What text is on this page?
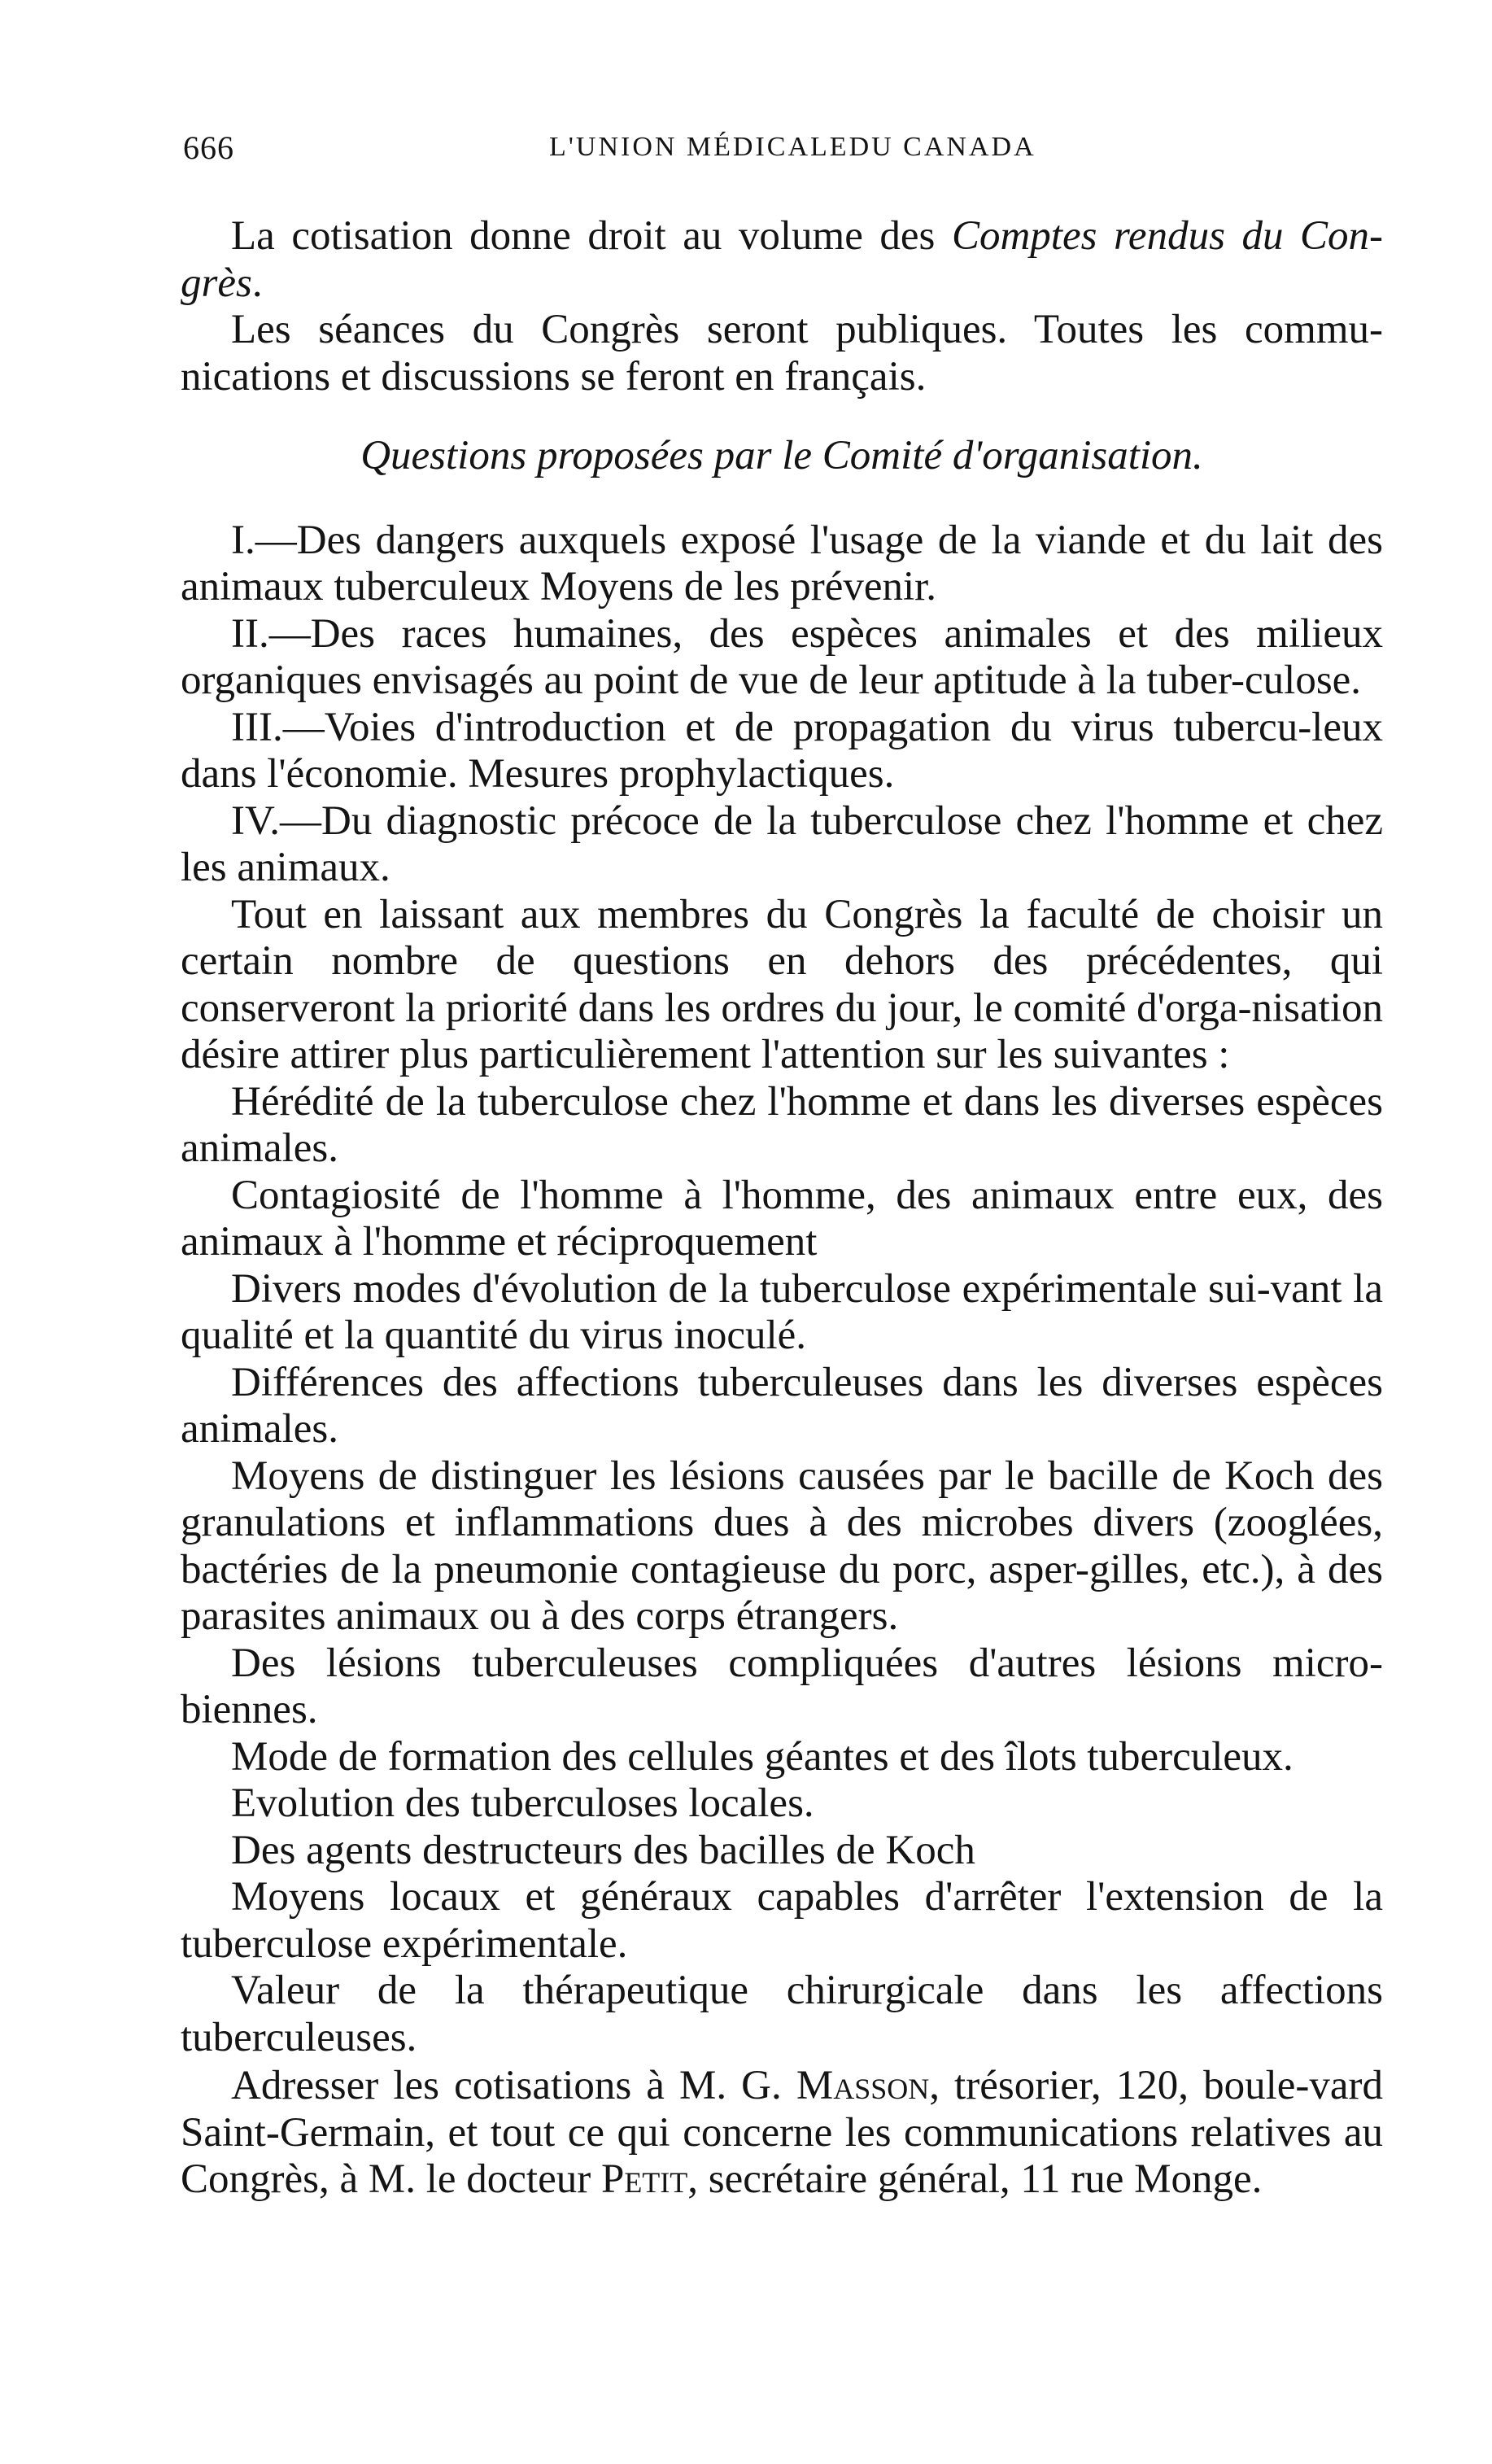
666	L'UNION MÉDICALEDU CANADA

La cotisation donne droit au volume des Comptes rendus du Con-grès.

Les séances du Congrès seront publiques. Toutes les commu-nications et discussions se feront en français.

Questions proposées par le Comité d'organisation.

I.—Des dangers auxquels exposé l'usage de la viande et du lait des animaux tuberculeux Moyens de les prévenir.

II.—Des races humaines, des espèces animales et des milieux organiques envisagés au point de vue de leur aptitude à la tuber-culose.

III.—Voies d'introduction et de propagation du virus tubercu-leux dans l'économie. Mesures prophylactiques.

IV.—Du diagnostic précoce de la tuberculose chez l'homme et chez les animaux.

Tout en laissant aux membres du Congrès la faculté de choisir un certain nombre de questions en dehors des précédentes, qui conserveront la priorité dans les ordres du jour, le comité d'orga-nisation désire attirer plus particulièrement l'attention sur les suivantes :

Hérédité de la tuberculose chez l'homme et dans les diverses espèces animales.

Contagiosité de l'homme à l'homme, des animaux entre eux, des animaux à l'homme et réciproquement

Divers modes d'évolution de la tuberculose expérimentale sui-vant la qualité et la quantité du virus inoculé.

Différences des affections tuberculeuses dans les diverses espèces animales.

Moyens de distinguer les lésions causées par le bacille de Koch des granulations et inflammations dues à des microbes divers (zooglées, bactéries de la pneumonie contagieuse du porc, asper-gilles, etc.), à des parasites animaux ou à des corps étrangers.

Des lésions tuberculeuses compliquées d'autres lésions micro-biennes.

Mode de formation des cellules géantes et des îlots tuberculeux.

Evolution des tuberculoses locales.

Des agents destructeurs des bacilles de Koch

Moyens locaux et généraux capables d'arrêter l'extension de la tuberculose expérimentale.

Valeur de la thérapeutique chirurgicale dans les affections tuberculeuses.

Adresser les cotisations à M. G. Masson, trésorier, 120, boule-vard Saint-Germain, et tout ce qui concerne les communications relatives au Congrès, à M. le docteur Petit, secrétaire général, 11 rue Monge.
